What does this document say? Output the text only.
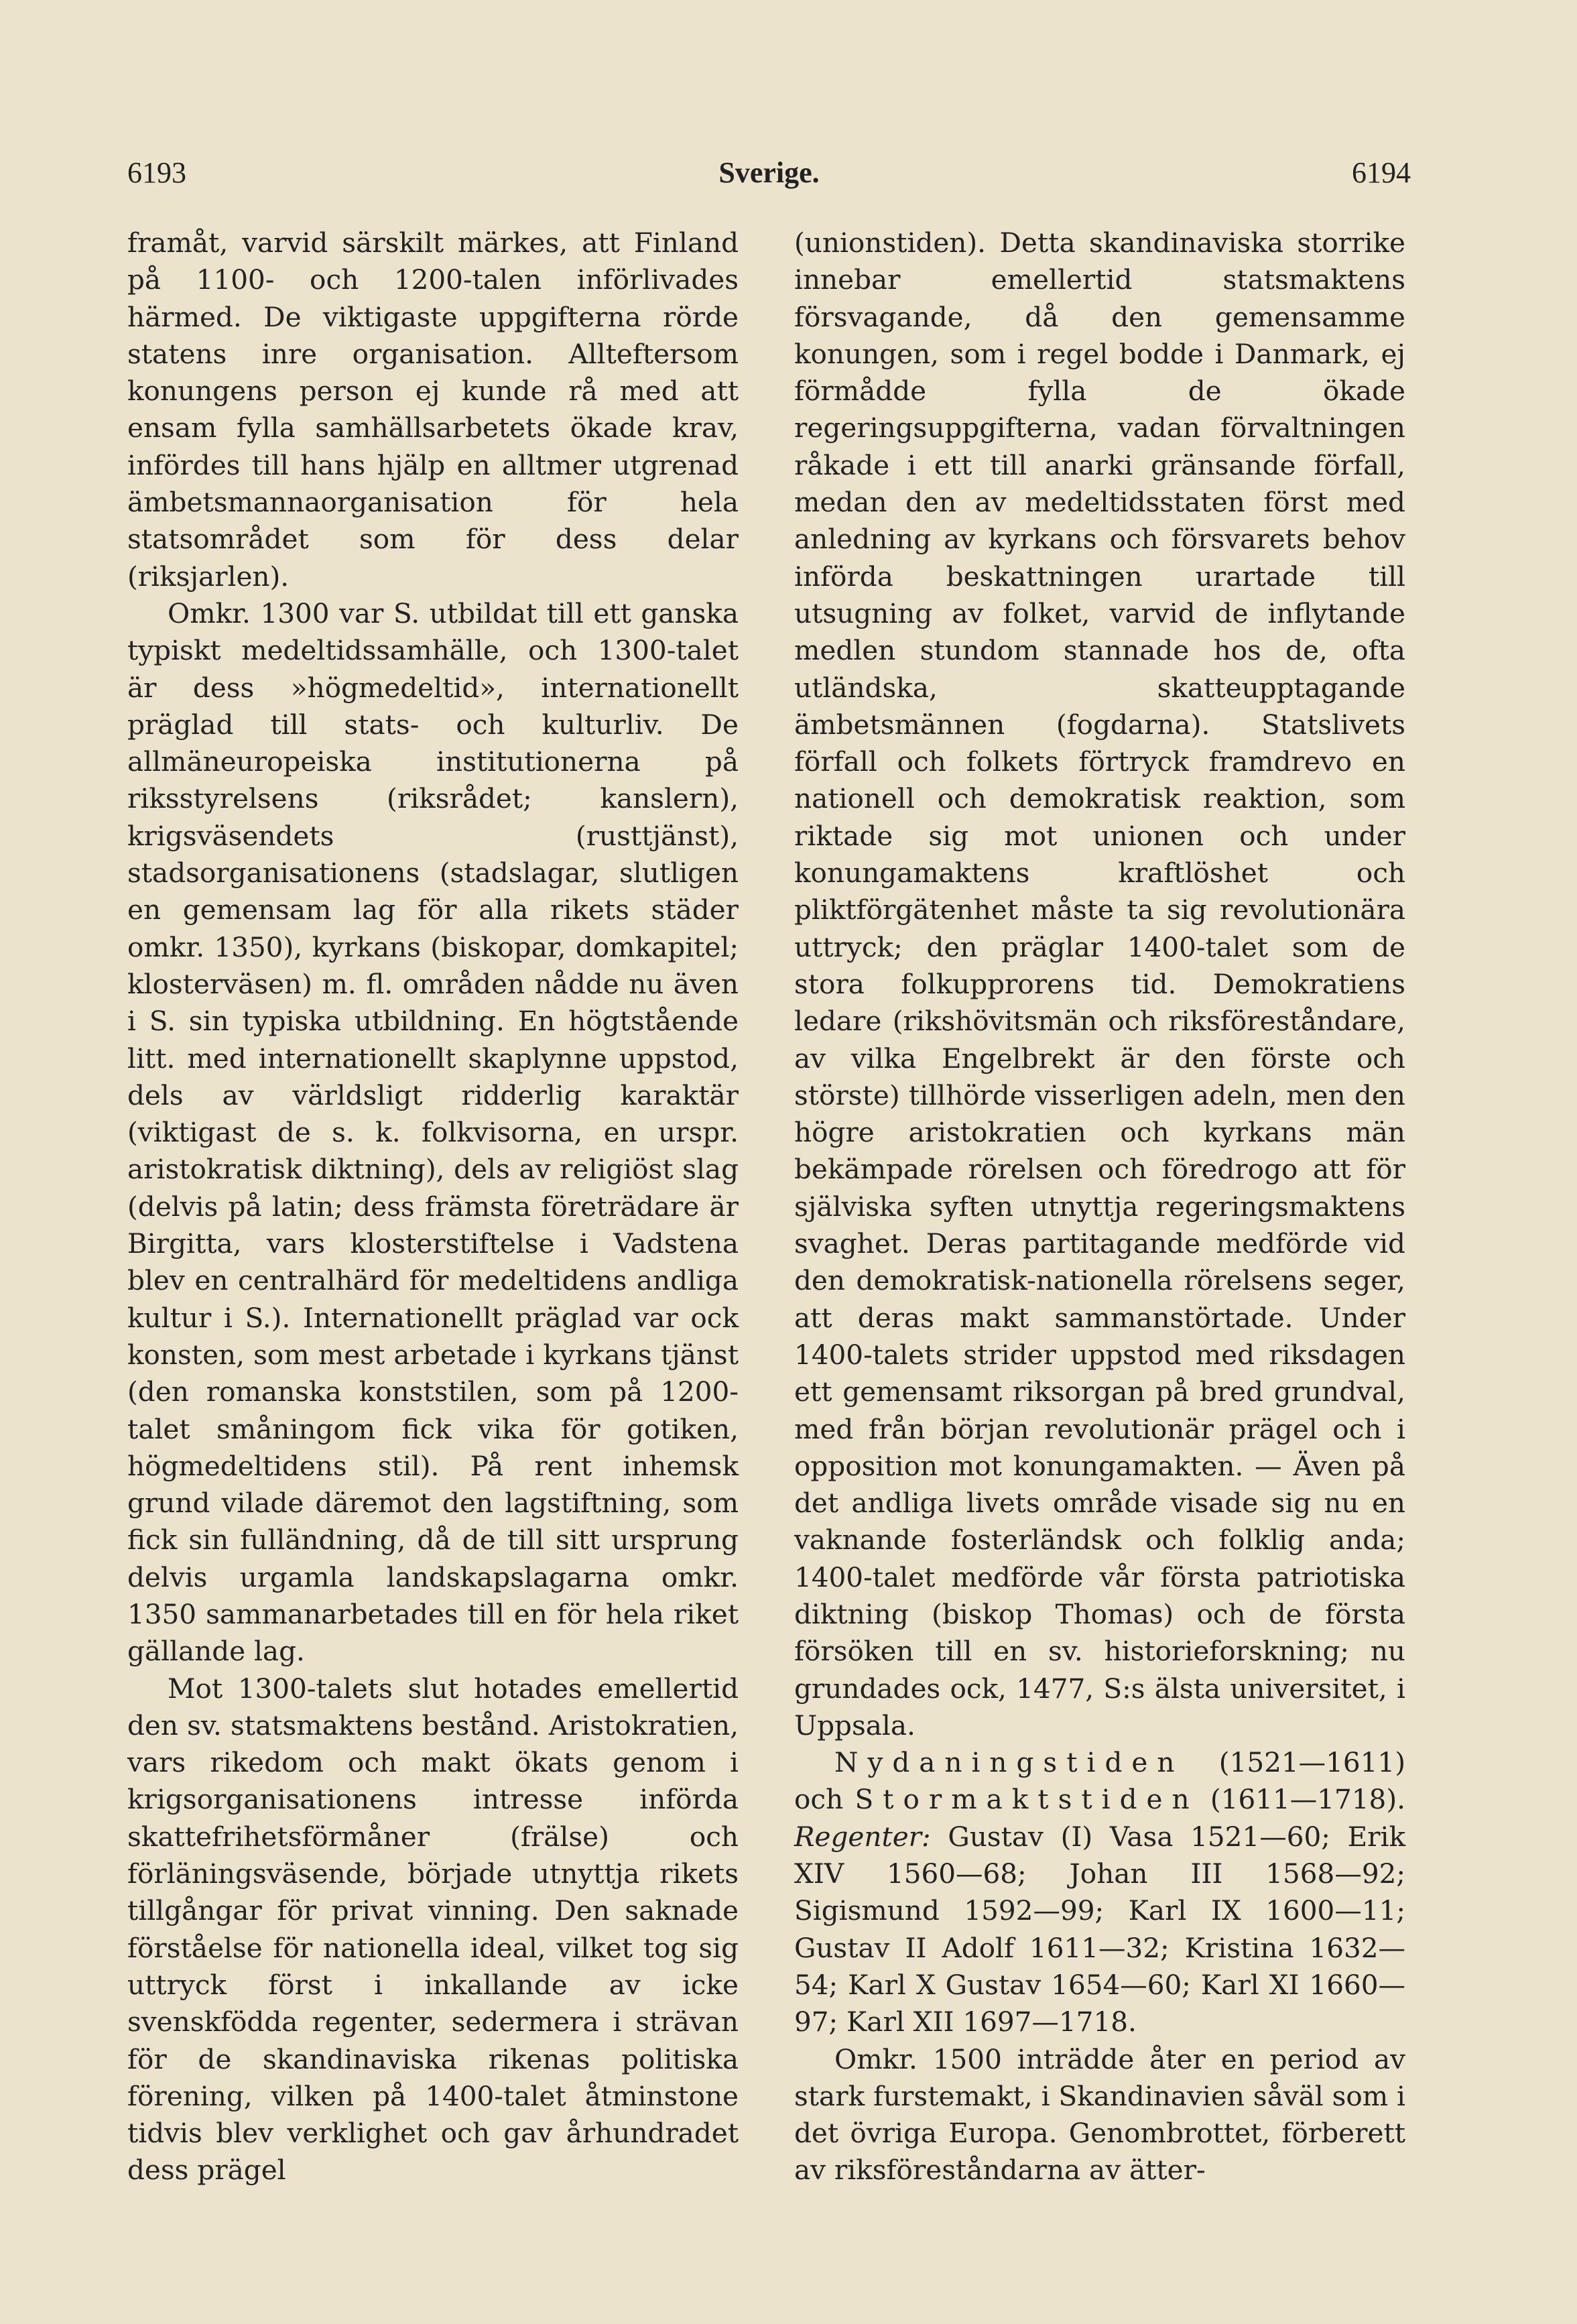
6193	Sverige.	6194

framåt, varvid särskilt märkes, att Finland på 1100- och 1200-talen införlivades härmed. De viktigaste uppgifterna rörde statens inre organisation. Allteftersom konungens person ej kunde rå med att ensam fylla samhällsarbetets ökade krav, infördes till hans hjälp en alltmer utgrenad ämbetsmannaorganisation för hela statsområdet som för dess delar (riksjarlen).

Omkr. 1300 var S. utbildat till ett ganska typiskt medeltidssamhälle, och 1300-talet är dess »högmedeltid», internationellt präglad till stats- och kulturliv. De allmäneuropeiska institutionerna på riksstyrelsens (riksrådet; kanslern), krigsväsendets (rusttjänst), stadsorganisationens (stadslagar, slutligen en gemensam lag för alla rikets städer omkr. 1350), kyrkans (biskopar, domkapitel; klosterväsen) m. fl. områden nådde nu även i S. sin typiska utbildning. En högtstående litt. med internationellt skaplynne uppstod, dels av världsligt ridderlig karaktär (viktigast de s. k. folkvisorna, en urspr. aristokratisk diktning), dels av religiöst slag (delvis på latin; dess främsta företrädare är Birgitta, vars klosterstiftelse i Vadstena blev en centralhärd för medeltidens andliga kultur i S.). Internationellt präglad var ock konsten, som mest arbetade i kyrkans tjänst (den romanska konststilen, som på 1200-talet småningom fick vika för gotiken, högmedeltidens stil). På rent inhemsk grund vilade däremot den lagstiftning, som fick sin fulländning, då de till sitt ursprung delvis urgamla landskapslagarna omkr. 1350 sammanarbetades till en för hela riket gällande lag.

Mot 1300-talets slut hotades emellertid den sv. statsmaktens bestånd. Aristokratien, vars rikedom och makt ökats genom i krigsorganisationens intresse införda skattefrihetsförmåner (frälse) och förläningsväsende, började utnyttja rikets tillgångar för privat vinning. Den saknade förståelse för nationella ideal, vilket tog sig uttryck först i inkallande av icke svenskfödda regenter, sedermera i strävan för de skandinaviska rikenas politiska förening, vilken på 1400-talet åtminstone tidvis blev verklighet och gav århundradet dess prägel

(unionstiden). Detta skandinaviska storrike innebar emellertid statsmaktens försvagande, då den gemensamme konungen, som i regel bodde i Danmark, ej förmådde fylla de ökade regeringsuppgifterna, vadan förvaltningen råkade i ett till anarki gränsande förfall, medan den av medeltidsstaten först med anledning av kyrkans och försvarets behov införda beskattningen urartade till utsugning av folket, varvid de inflytande medlen stundom stannade hos de, ofta utländska, skatteupptagande ämbetsmännen (fogdarna). Statslivets förfall och folkets förtryck framdrevo en nationell och demokratisk reaktion, som riktade sig mot unionen och under konungamaktens kraftlöshet och pliktförgätenhet måste ta sig revolutionära uttryck; den präglar 1400-talet som de stora folkupprorens tid. Demokratiens ledare (rikshövitsmän och riksföreståndare, av vilka Engelbrekt är den förste och störste) tillhörde visserligen adeln, men den högre aristokratien och kyrkans män bekämpade rörelsen och föredrogo att för själviska syften utnyttja regeringsmaktens svaghet. Deras partitagande medförde vid den demokratisk-nationella rörelsens seger, att deras makt sammanstörtade. Under 1400-talets strider uppstod med riksdagen ett gemensamt riksorgan på bred grundval, med från början revolutionär prägel och i opposition mot konungamakten. — Även på det andliga livets område visade sig nu en vaknande fosterländsk och folklig anda; 1400-talet medförde vår första patriotiska diktning (biskop Thomas) och de första försöken till en sv. historieforskning; nu grundades ock, 1477, S:s älsta universitet, i Uppsala.

Nydaningstiden (1521—1611) och Stormaktstiden (1611—1718). Regenter: Gustav (I) Vasa 1521—60; Erik XIV 1560—68; Johan III 1568—92; Sigismund 1592—99; Karl IX 1600—11; Gustav II Adolf 1611—32; Kristina 1632—54; Karl X Gustav 1654—60; Karl XI 1660—97; Karl XII 1697—1718.

Omkr. 1500 inträdde åter en period av stark furstemakt, i Skandinavien såväl som i det övriga Europa. Genombrottet, förberett av riksföreståndarna av ätter-
